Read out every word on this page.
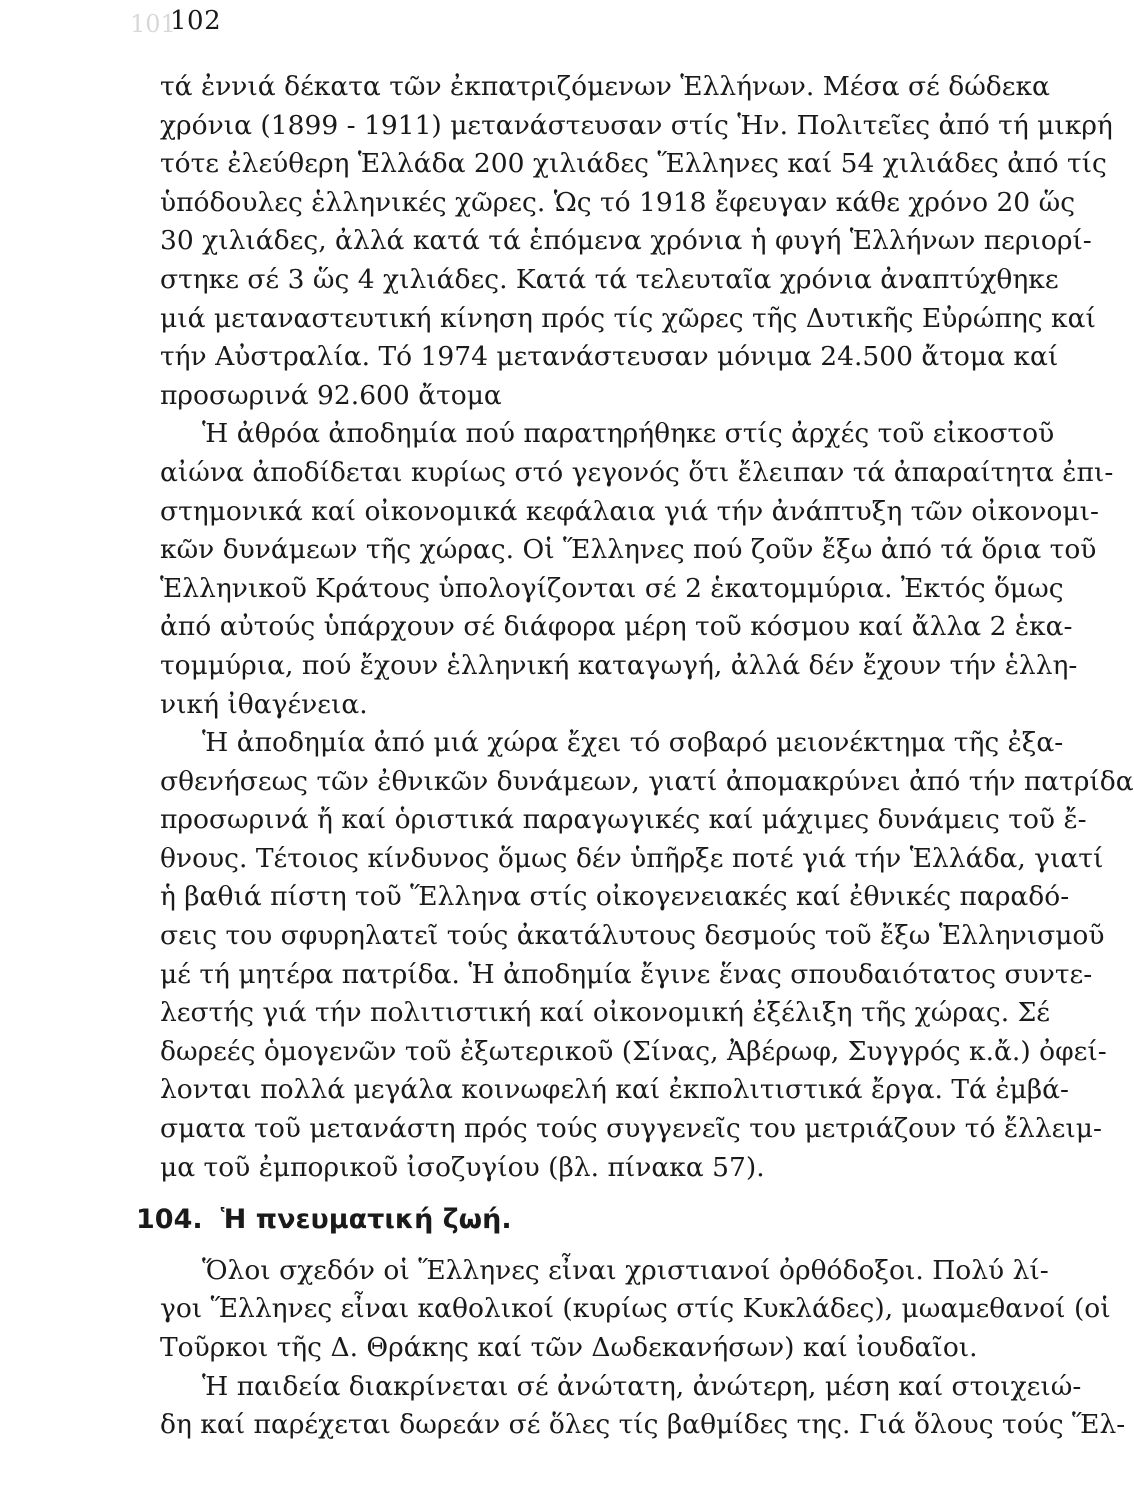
101
102
τά ἐννιά δέκατα τῶν ἐκπατριζόμενων Ἑλλήνων. Μέσα σέ δώδεκα
χρόνια (1899 - 1911) μετανάστευσαν στίς Ἡν. Πολιτεῖες ἀπό τή μικρή
τότε ἐλεύθερη Ἑλλάδα 200 χιλιάδες Ἕλληνες καί 54 χιλιάδες ἀπό τίς
ὑπόδουλες ἑλληνικές χῶρες. Ὡς τό 1918 ἔφευγαν κάθε χρόνο 20 ὥς
30 χιλιάδες, ἀλλά κατά τά ἑπόμενα χρόνια ἡ φυγή Ἑλλήνων περιορί-
στηκε σέ 3 ὥς 4 χιλιάδες. Κατά τά τελευταῖα χρόνια ἀναπτύχθηκε
μιά μεταναστευτική κίνηση πρός τίς χῶρες τῆς Δυτικῆς Εὐρώπης καί
τήν Αὐστραλία. Τό 1974 μετανάστευσαν μόνιμα 24.500 ἄτομα καί
προσωρινά 92.600 ἄτομα
Ἡ ἀθρόα ἀποδημία πού παρατηρήθηκε στίς ἀρχές τοῦ εἰκοστοῦ
αἰώνα ἀποδίδεται κυρίως στό γεγονός ὅτι ἔλειπαν τά ἀπαραίτητα ἐπι-
στημονικά καί οἰκονομικά κεφάλαια γιά τήν ἀνάπτυξη τῶν οἰκονομι-
κῶν δυνάμεων τῆς χώρας. Οἱ Ἕλληνες πού ζοῦν ἔξω ἀπό τά ὅρια τοῦ
Ἑλληνικοῦ Κράτους ὑπολογίζονται σέ 2 ἑκατομμύρια. Ἐκτός ὅμως
ἀπό αὐτούς ὑπάρχουν σέ διάφορα μέρη τοῦ κόσμου καί ἄλλα 2 ἑκα-
τομμύρια, πού ἔχουν ἑλληνική καταγωγή, ἀλλά δέν ἔχουν τήν ἑλλη-
νική ἰθαγένεια.
Ἡ ἀποδημία ἀπό μιά χώρα ἔχει τό σοβαρό μειονέκτημα τῆς ἐξα-
σθενήσεως τῶν ἐθνικῶν δυνάμεων, γιατί ἀπομακρύνει ἀπό τήν πατρίδα
προσωρινά ἤ καί ὁριστικά παραγωγικές καί μάχιμες δυνάμεις τοῦ ἔ-
θνους. Τέτοιος κίνδυνος ὅμως δέν ὑπῆρξε ποτέ γιά τήν Ἑλλάδα, γιατί
ἡ βαθιά πίστη τοῦ Ἕλληνα στίς οἰκογενειακές καί ἐθνικές παραδό-
σεις του σφυρηλατεῖ τούς ἀκατάλυτους δεσμούς τοῦ ἔξω Ἑλληνισμοῦ
μέ τή μητέρα πατρίδα. Ἡ ἀποδημία ἔγινε ἕνας σπουδαιότατος συντε-
λεστής γιά τήν πολιτιστική καί οἰκονομική ἐξέλιξη τῆς χώρας. Σέ
δωρεές ὁμογενῶν τοῦ ἐξωτερικοῦ (Σίνας, Ἀβέρωφ, Συγγρός κ.ἄ.) ὀφεί-
λονται πολλά μεγάλα κοινωφελή καί ἐκπολιτιστικά ἔργα. Τά ἐμβά-
σματα τοῦ μετανάστη πρός τούς συγγενεῖς του μετριάζουν τό ἔλλειμ-
μα τοῦ ἐμπορικοῦ ἰσοζυγίου (βλ. πίνακα 57).
104. Ἡ πνευματική ζωή.
Ὅλοι σχεδόν οἱ Ἕλληνες εἶναι χριστιανοί ὀρθόδοξοι. Πολύ λί-
γοι Ἕλληνες εἶναι καθολικοί (κυρίως στίς Κυκλάδες), μωαμεθανοί (οἱ
Τοῦρκοι τῆς Δ. Θράκης καί τῶν Δωδεκανήσων) καί ἰουδαῖοι.
Ἡ παιδεία διακρίνεται σέ ἀνώτατη, ἀνώτερη, μέση καί στοιχειώ-
δη καί παρέχεται δωρεάν σέ ὅλες τίς βαθμίδες της. Γιά ὅλους τούς Ἕλ-
